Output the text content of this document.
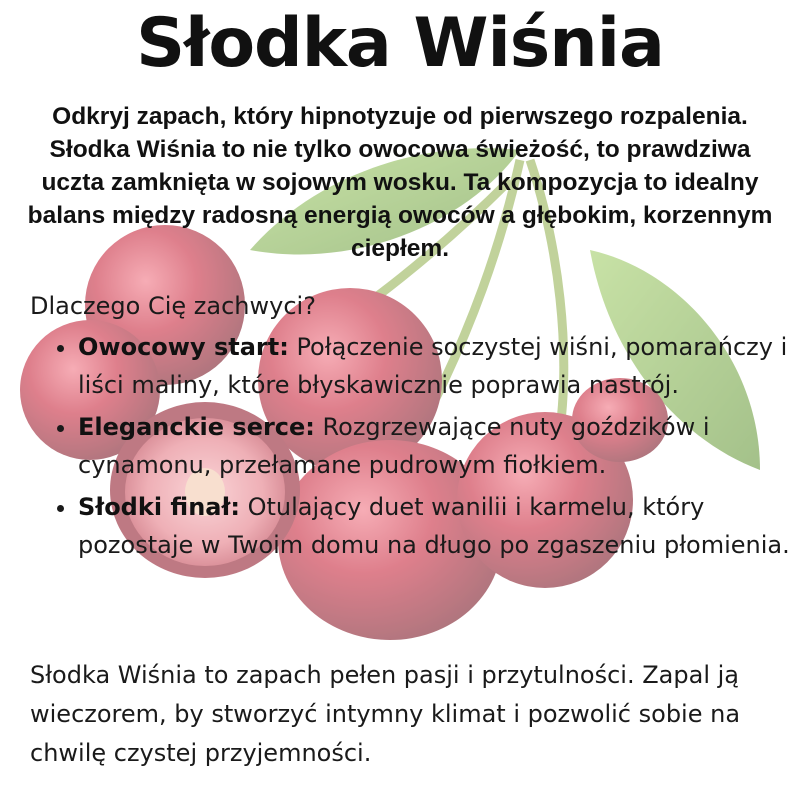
Słodka Wiśnia
Odkryj zapach, który hipnotyzuje od pierwszego rozpalenia. Słodka Wiśnia to nie tylko owocowa świeżość, to prawdziwa uczta zamknięta w sojowym wosku. Ta kompozycja to idealny balans między radosną energią owoców a głębokim, korzennym ciepłem.
Dlaczego Cię zachwyci?
• Owocowy start: Połączenie soczystej wiśni, pomarańczy i liści maliny, które błyskawicznie poprawia nastrój.
• Eleganckie serce: Rozgrzewające nuty goździków i cynamonu, przełamane pudrowym fiołkiem.
• Słodki finał: Otulający duet wanilii i karmelu, który pozostaje w Twoim domu na długo po zgaszeniu płomienia.
Słodka Wiśnia to zapach pełen pasji i przytulności. Zapal ją wieczorem, by stworzyć intymny klimat i pozwolić sobie na chwilę czystej przyjemności.
